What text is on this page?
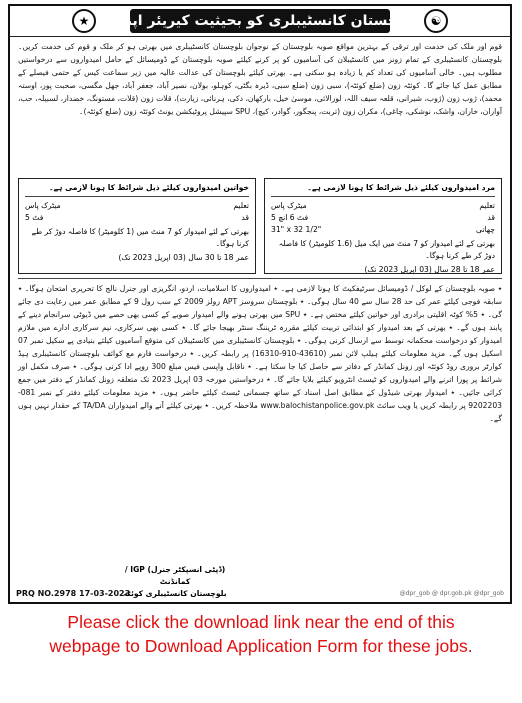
★ بلوچستان کانسٹیبلری کو بحیثیت کیریئر اپنائیے	☯
قوم اور ملک کی خدمت اور ترقی کے بہترین مواقع صوبہ بلوچستان کے نوجوان بلوچستان کانسٹیبلری میں بھرتی ہو کر ملک و قوم کی خدمت کریں۔ بلوچستان کانسٹیبلری کے تمام زونز میں کانسٹیبلان کی آسامیوں کو پر کرنے کیلئے صوبہ بلوچستان کے ڈومیسائل کے حامل امیدواروں سے درخواستیں مطلوب ہیں۔ خالی آسامیوں کی تعداد کم یا زیادہ ہو سکتی ہے۔ بھرتی کیلئے بلوچستان کی عدالت عالیہ میں زیر سماعت کیس کے حتمی فیصلے کے مطابق عمل کیا جائے گا۔ کوئٹہ زون (ضلع کوئٹہ)، سبی زون (ضلع سبی، ڈیرہ بگٹی، کوہلو، بولان، نصیر آباد، جعفر آباد، جھل مگسی، صحبت پور، اوستہ محمد)، ژوب زون (ژوب، شیرانی، قلعہ سیف اللہ، لورالائی، موسیٰ خیل، بارکھان، دکی، ہرنائی، زیارت)، قلات زون (قلات، مستونگ، خضدار، لسبیلہ، حب، آواران، خاران، واشک، نوشکی، چاغی)، مکران زون (تربت، پنجگور، گوادر، کیچ)، SPU سپیشل پروٹیکشن یونٹ کوئٹہ زون (ضلع کوئٹہ)۔
مرد امیدواروں کیلئے ذیل شرائط کا ہونا لازمی ہے۔
تعلیم
میٹرک پاس
قد
5 فٹ 6 انچ
چھاتی
31" x 32 1/2"
بھرتی کے لئے امیدوار کو 7 منٹ میں ایک میل (1.6 کلومیٹر) کا فاصلہ دوڑ کر طے کرنا ہوگا۔
عمر 18 تا 28 سال (03 اپریل 2023 تک)
خواتین امیدواروں کیلئے ذیل شرائط کا ہونا لازمی ہے۔
تعلیم
میٹرک پاس
قد
5 فٹ
بھرتی کے لئے امیدوار کو 7 منٹ میں (1 کلومیٹر) کا فاصلہ دوڑ کر طے کرنا ہوگا۔
عمر 18 تا 30 سال (03 اپریل 2023 تک)
٭ صوبہ بلوچستان کے لوکل / ڈومیسائل سرٹیفکیٹ کا ہونا لازمی ہے۔ ٭ امیدواروں کا اسلامیات، اردو، انگریزی اور جنرل نالج کا تحریری امتحان ہوگا۔ ٭ سابقہ فوجی کیلئے عمر کی حد 28 سال سے 40 سال ہوگی۔ ٭ بلوچستان سروسز APT رولز 2009 کے سب رول 9 کے مطابق عمر میں رعایت دی جائے گی۔ ٭ 5% کوٹہ اقلیتی برادری اور خواتین کیلئے مختص ہے۔ ٭ SPU میں بھرتی ہونے والے امیدوار صوبے کے کسی بھی حصے میں ڈیوٹی سرانجام دینے کے پابند ہوں گے۔ ٭ بھرتی کے بعد امیدوار کو ابتدائی تربیت کیلئے مقررہ ٹریننگ سنٹر بھیجا جائے گا۔ ٭ کسی بھی سرکاری، نیم سرکاری ادارے میں ملازم امیدوار کو درخواست محکمانہ توسط سے ارسال کرنی ہوگی۔ ٭ بلوچستان کانسٹیبلری میں کانسٹیبلان کی متوقع آسامیوں کیلئے بنیادی پے سکیل نمبر 07 اسکیل ہوں گے۔ مزید معلومات کیلئے ہیلپ لائن نمبر (43610-910-16310) پر رابطہ کریں۔ ٭ درخواست فارم مع کوائف بلوچستان کانسٹیبلری ہیڈ کوارٹر بروری روڈ کوئٹہ اور زونل کمانڈر کے دفاتر سے حاصل کیا جا سکتا ہے۔ ٭ ناقابل واپسی فیس مبلغ 300 روپے ادا کرنی ہوگی۔ ٭ صرف مکمل اور شرائط پر پورا اترنے والے امیدواروں کو ٹیسٹ انٹرویو کیلئے بلایا جائے گا۔ ٭ درخواستیں مورخہ 03 اپریل 2023 تک متعلقہ زونل کمانڈر کے دفتر میں جمع کرائی جائیں۔ ٭ امیدوار بھرتی شیڈول کے مطابق اصل اسناد کے ساتھ جسمانی ٹیسٹ کیلئے حاضر ہوں۔ ٭ مزید معلومات کیلئے دفتر کے نمبر 081-9202203 پر رابطہ کریں یا ویب سائٹ www.balochistanpolice.gov.pk ملاحظہ کریں۔ ٭ بھرتی کیلئے آنے والے امیدواران TA/DA کے حقدار نہیں ہوں گے۔
(ڈپٹی انسپکٹر جنرل) IGP / کمانڈنٹ
بلوچستان کانسٹیبلری کوئٹہ
PRQ NO.2978 17-03-2023	@dpr_gob @ dpr.gob.pk @dpr_gob
Please click the download link near the end of this
webpage to Download Application Form for these jobs.
